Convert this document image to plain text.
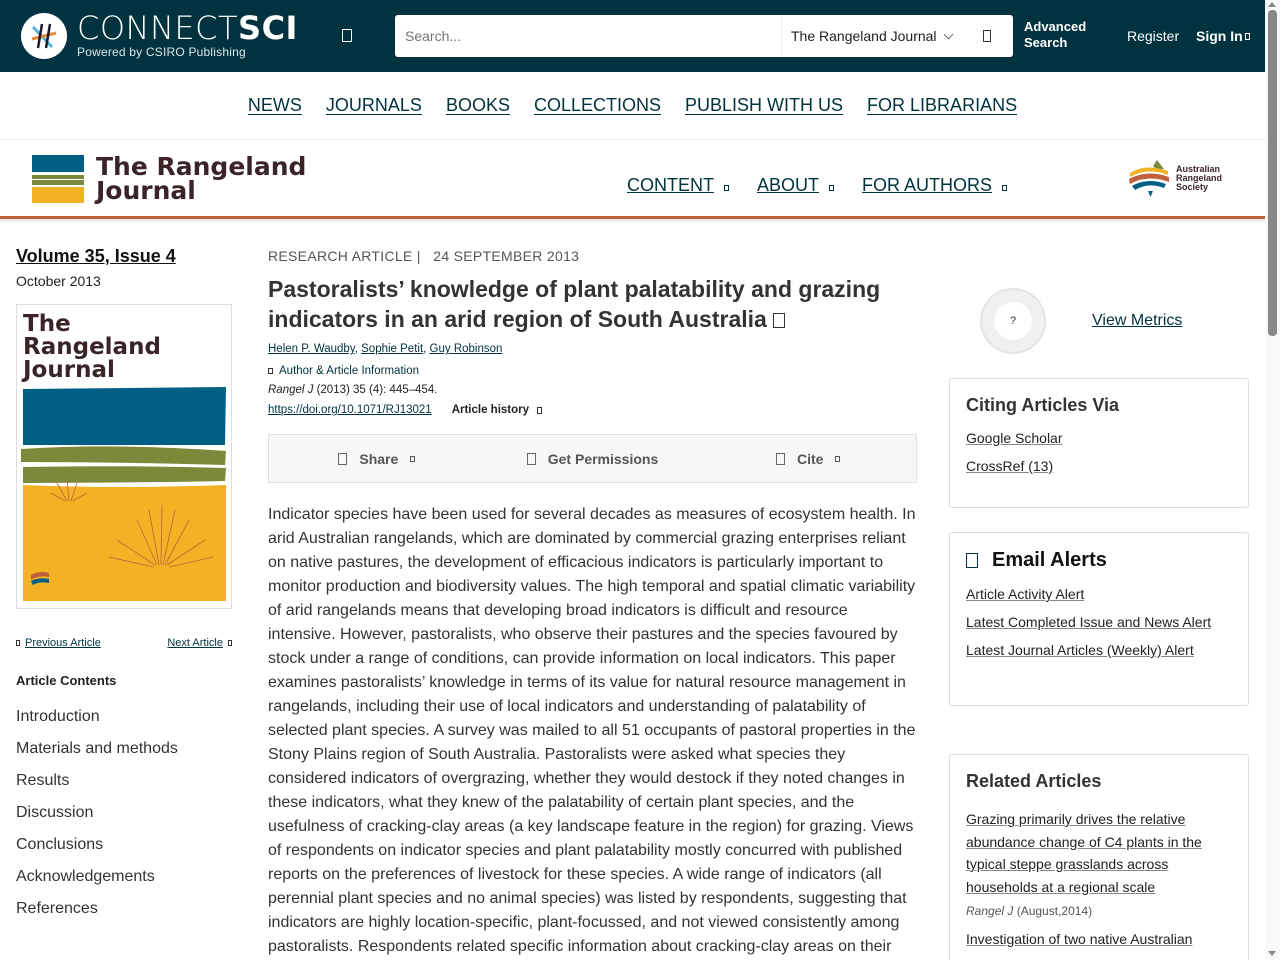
CONNECTSCI
Powered by CSIRO Publishing
Search...
The Rangeland Journal
Advanced Search	Register Sign In
NEWS JOURNALS BOOKS COLLECTIONS PUBLISH WITH US FOR LIBRARIANS
The Rangeland
Journal	CONTENT ABOUT FOR AUTHORS
Australian
Rangeland
Society
Volume 35, Issue 4
October 2013
The
Rangeland
Journal
Previous Article	Next Article
Article Contents
Introduction
Materials and methods
Results
Discussion
Conclusions
Acknowledgements
References
RESEARCH ARTICLE |   24 SEPTEMBER 2013
Pastoralists’ knowledge of plant palatability and grazing indicators in an arid region of South Australia
Helen P. Waudby, Sophie Petit, Guy Robinson
Author & Article Information
Rangel J (2013) 35 (4): 445–454.
https://doi.org/10.1071/RJ13021 Article history
Share	Get Permissions	Cite

Indicator species have been used for several decades as measures of ecosystem health. In arid Australian rangelands, which are dominated by commercial grazing enterprises reliant on native pastures, the development of efficacious indicators is particularly important to monitor production and biodiversity values. The high temporal and spatial climatic variability of arid rangelands means that developing broad indicators is difficult and resource intensive. However, pastoralists, who observe their pastures and the species favoured by stock under a range of conditions, can provide information on local indicators. This paper examines pastoralists’ knowledge in terms of its value for natural resource management in rangelands, including their use of local indicators and understanding of palatability of selected plant species. A survey was mailed to all 51 occupants of pastoral properties in the Stony Plains region of South Australia. Pastoralists were asked what species they considered indicators of overgrazing, whether they would destock if they noted changes in these indicators, what they knew of the palatability of certain plant species, and the usefulness of cracking-clay areas (a key landscape feature in the region) for grazing. Views of respondents on indicator species and plant palatability mostly concurred with published reports on the preferences of livestock for these species. A wide range of indicators (all perennial plant species and no animal species) was listed by respondents, suggesting that indicators are highly location-specific, plant-focussed, and not viewed consistently among pastoralists. Respondents related specific information about cracking-clay areas on their

?	View Metrics
Citing Articles Via
Google Scholar
CrossRef (13)
Email Alerts
Article Activity Alert
Latest Completed Issue and News Alert
Latest Journal Articles (Weekly) Alert
Related Articles
Grazing primarily drives the relative abundance change of C4 plants in the typical steppe grasslands across households at a regional scale
Rangel J (August,2014)
Investigation of two native Australian
